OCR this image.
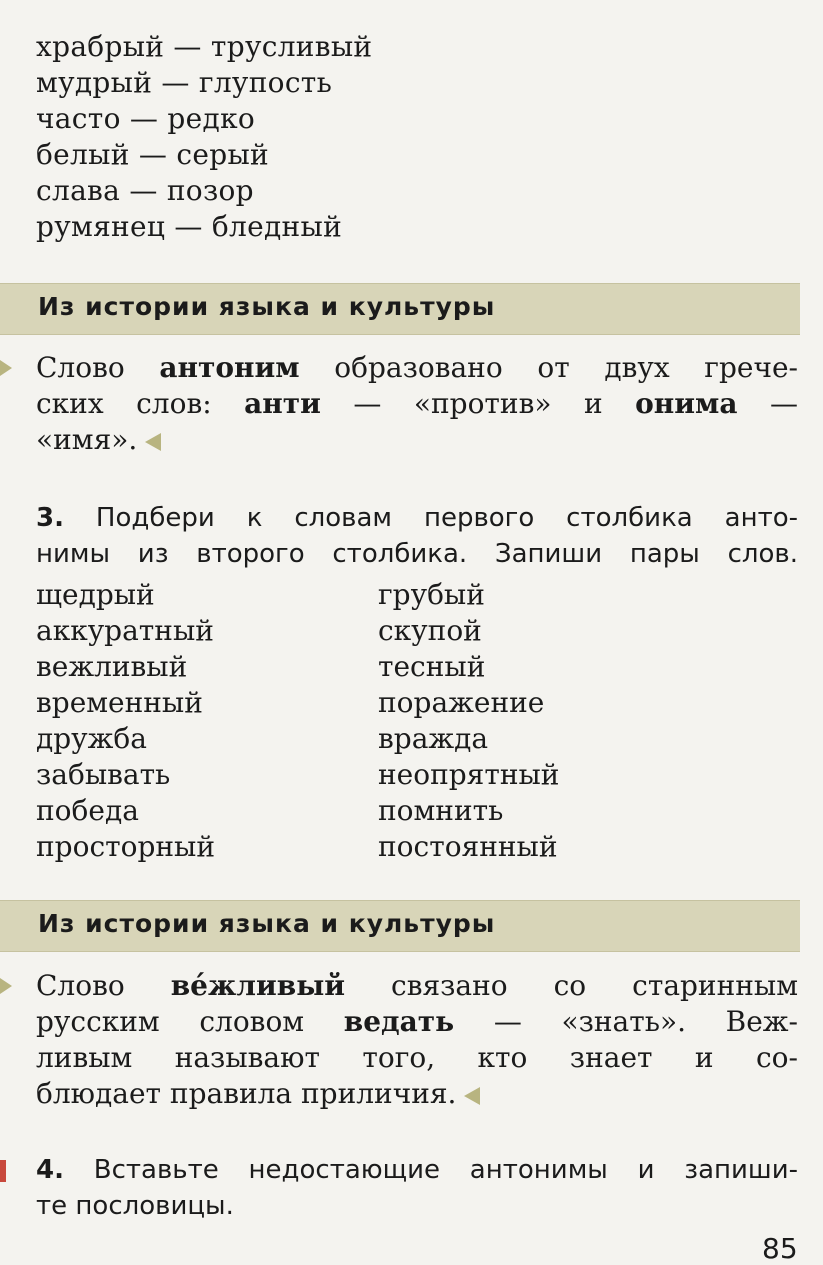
храбрый — трусливый
мудрый — глупость
часто — редко
белый — серый
слава — позор
румянец — бледный
Из истории языка и культуры
Слово антоним образовано от двух грече-
ских слов: анти — «против» и онима —
«имя».
3. Подбери к словам первого столбика анто-
нимы из второго столбика. Запиши пары слов.
щедрый
аккуратный
вежливый
временный
дружба
забывать
победа
просторный
грубый
скупой
тесный
поражение
вражда
неопрятный
помнить
постоянный
Из истории языка и культуры
Слово ве́жливый связано со старинным
русским словом ведать — «знать». Веж-
ливым называют того, кто знает и со-
блюдает правила приличия.
4. Вставьте недостающие антонимы и запиши-
те пословицы.
85
